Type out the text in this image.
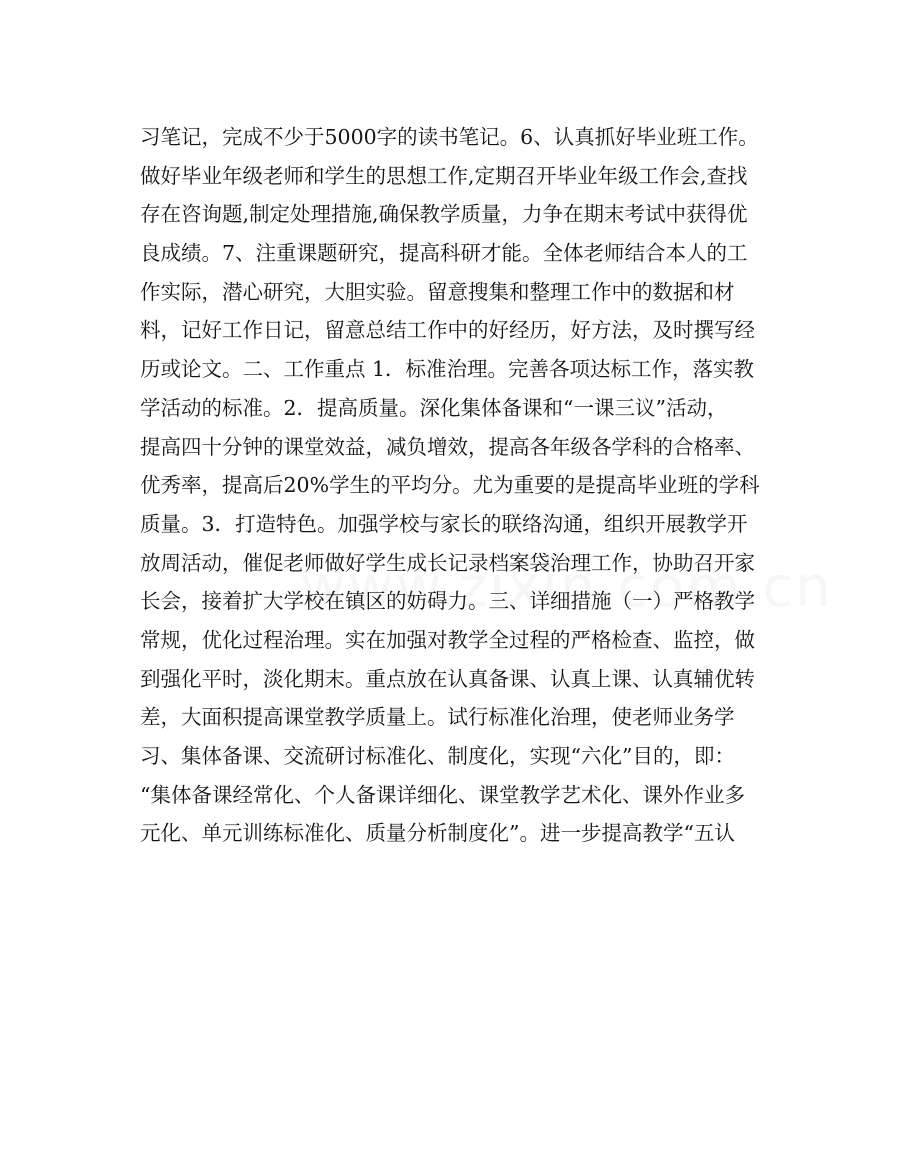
习笔记，完成不少于5000字的读书笔记。6、认真抓好毕业班工作。
做好毕业年级老师和学生的思想工作,定期召开毕业年级工作会,查找
存在咨询题,制定处理措施,确保教学质量，力争在期末考试中获得优
良成绩。7、注重课题研究，提高科研才能。全体老师结合本人的工
作实际，潜心研究，大胆实验。留意搜集和整理工作中的数据和材
料，记好工作日记，留意总结工作中的好经历，好方法，及时撰写经
历或论文。二、工作重点 1．标准治理。完善各项达标工作，落实教
学活动的标准。2．提高质量。深化集体备课和“一课三议”活动，
提高四十分钟的课堂效益，减负增效，提高各年级各学科的合格率、
优秀率，提高后20%学生的平均分。尤为重要的是提高毕业班的学科
质量。3．打造特色。加强学校与家长的联络沟通，组织开展教学开
放周活动，催促老师做好学生成长记录档案袋治理工作，协助召开家
长会，接着扩大学校在镇区的妨碍力。三、详细措施（一）严格教学
常规，优化过程治理。实在加强对教学全过程的严格检查、监控，做
到强化平时，淡化期末。重点放在认真备课、认真上课、认真辅优转
差，大面积提高课堂教学质量上。试行标准化治理，使老师业务学
习、集体备课、交流研讨标准化、制度化，实现“六化”目的，即：
“集体备课经常化、个人备课详细化、课堂教学艺术化、课外作业多
元化、单元训练标准化、质量分析制度化”。进一步提高教学“五认
